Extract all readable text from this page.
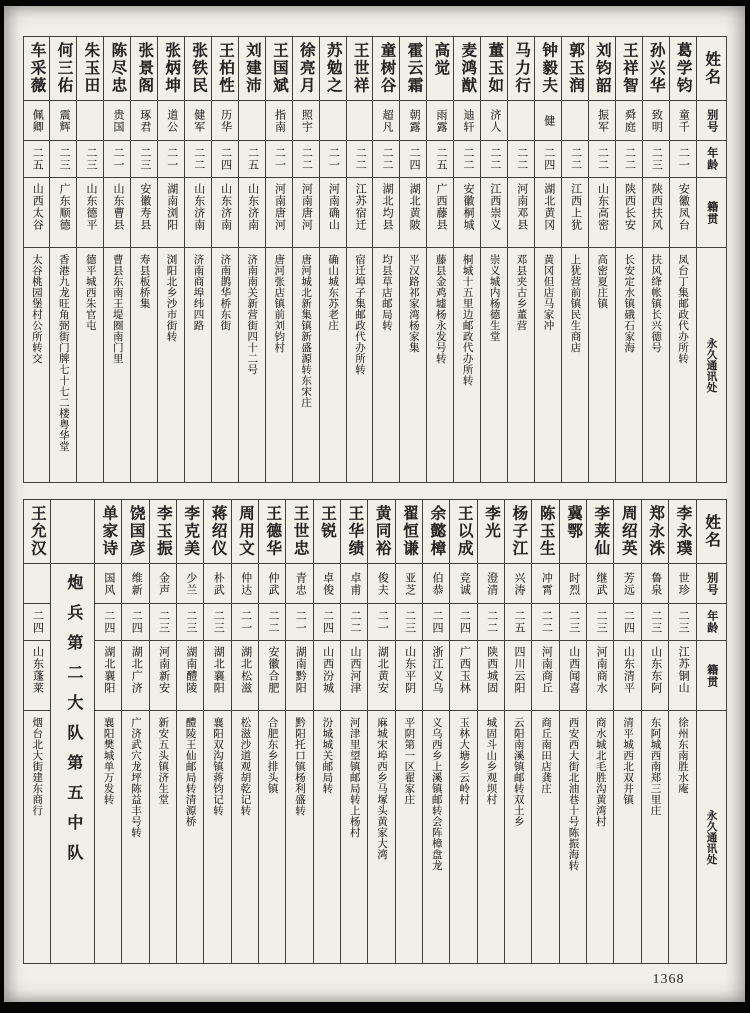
姓名
别号
年龄
籍贯
永久通讯处
葛学钧
童千
二一
安徽凤台
凤台丁集邮政代办所转
孙兴华
致明
二三
陕西扶风
扶风绛帐镇长兴德号
王祥智
舜庭
二二
陕西长安
长安定水镇硪石家海
刘钧韶
振军
二二
山东高密
高密夏庄镇
郭玉润
二二
江西上犹
上犹营前镇民生商店
钟毅夫
健
二四
湖北黄冈
黄冈但店马家冲
马力行
二二
河南邓县
邓县夹古乡董营
董玉如
济人
二二
江西崇义
崇义城内杨德生堂
麦鸿猷
迪轩
二二
安徽桐城
桐城十五里边邮政代办所转
高觉
雨露
二五
广西藤县
藤县金鸡墟杨永发号转
霍云霜
朝露
二四
湖北黄陂
平汉路祁家湾杨家集
童树谷
超凡
二二
湖北均县
均县草店邮局转
王世祥
二二
江苏宿迁
宿迁埠子集邮政代办所转
苏勉之
二一
河南确山
确山城东苏老庄
徐亮月
照宇
二二
河南唐河
唐河城北新集镇新盛源转东宋庄
王国斌
指南
二一
河南唐河
唐河张店镇前刘钧村
刘建沛
二五
山东济南
济南南关新营街四十二号
王柏性
历华
二四
山东济南
济南鹊华桥东街
张铁民
健军
二二
山东济南
济南商埠纬四路
张炳坤
道公
二一
湖南浏阳
浏阳北乡沙市街转
张景阁
琢君
二三
安徽寿县
寿县板桥集
陈尽忠
贵国
二一
山东曹县
曹县东南王堤圈南门里
朱玉田
二三
山东德平
德平城西朱官屯
何三佑
震辉
二三
广东顺德
香港九龙旺角弼街门牌七十七二楼粤华堂
车采薇
佩卿
二五
山西太谷
太谷桃园堡村公所转交
姓名
别号
年龄
籍贯
永久通讯处
李永璞
世珍
二三
江苏铜山
徐州东南胜水庵
郑永洙
鲁泉
二三
山东东阿
东阿城西南郑三里庄
周绍英
芳远
二四
山东清平
清平城西北双井镇
李莱仙
继武
二三
河南商水
商水城北毛胜沟黄湾村
冀鄂
时烈
二三
山西闻喜
西安西大街北油巷十号陈振海转
陈玉生
冲霄
二二
河南商丘
商丘南田店龚庄
杨子江
兴涛
二五
四川云阳
云阳南溪镇邮转双土乡
李光
澄清
二二
陕西城固
城固斗山乡观坝村
王以成
竞诚
二四
广西玉林
玉林大塘乡云岭村
余懿樟
伯恭
二四
浙江义乌
义乌西乡上溪镇邮转会阵樟盘龙
翟恒谦
亚芝
二三
山东平阴
平阴第一区翟家庄
黄同裕
俊夫
二一
湖北黄安
麻城宋埠西乡马塚头黄家大湾
王华绩
卓甫
二二
山西河津
河津里望镇邮局转上杨村
王锐
卓俊
二四
山西汾城
汾城城关邮局转
王世忠
青忠
二一
湖南黔阳
黔阳托口镇杨利盛转
王德华
仲武
二二
安徽合肥
合肥东乡排头镇
周用文
仲达
二一
湖北松滋
松滋沙道观胡乾记转
蒋绍仪
朴武
二三
湖北襄阳
襄阳双沟镇蒋钧记转
李克美
少兰
二三
湖南醴陵
醴陵王仙邮局转清源桥
李玉振
金声
二三
河南新安
新安五头镇济生堂
饶国彦
维新
二四
湖北广济
广济武穴龙坪陈益丰号转
单家诗
国风
二四
湖北襄阳
襄阳樊城单万发转
炮兵第二大队第五中队
王允汉
二四
山东蓬莱
烟台北大街建东商行
1368
